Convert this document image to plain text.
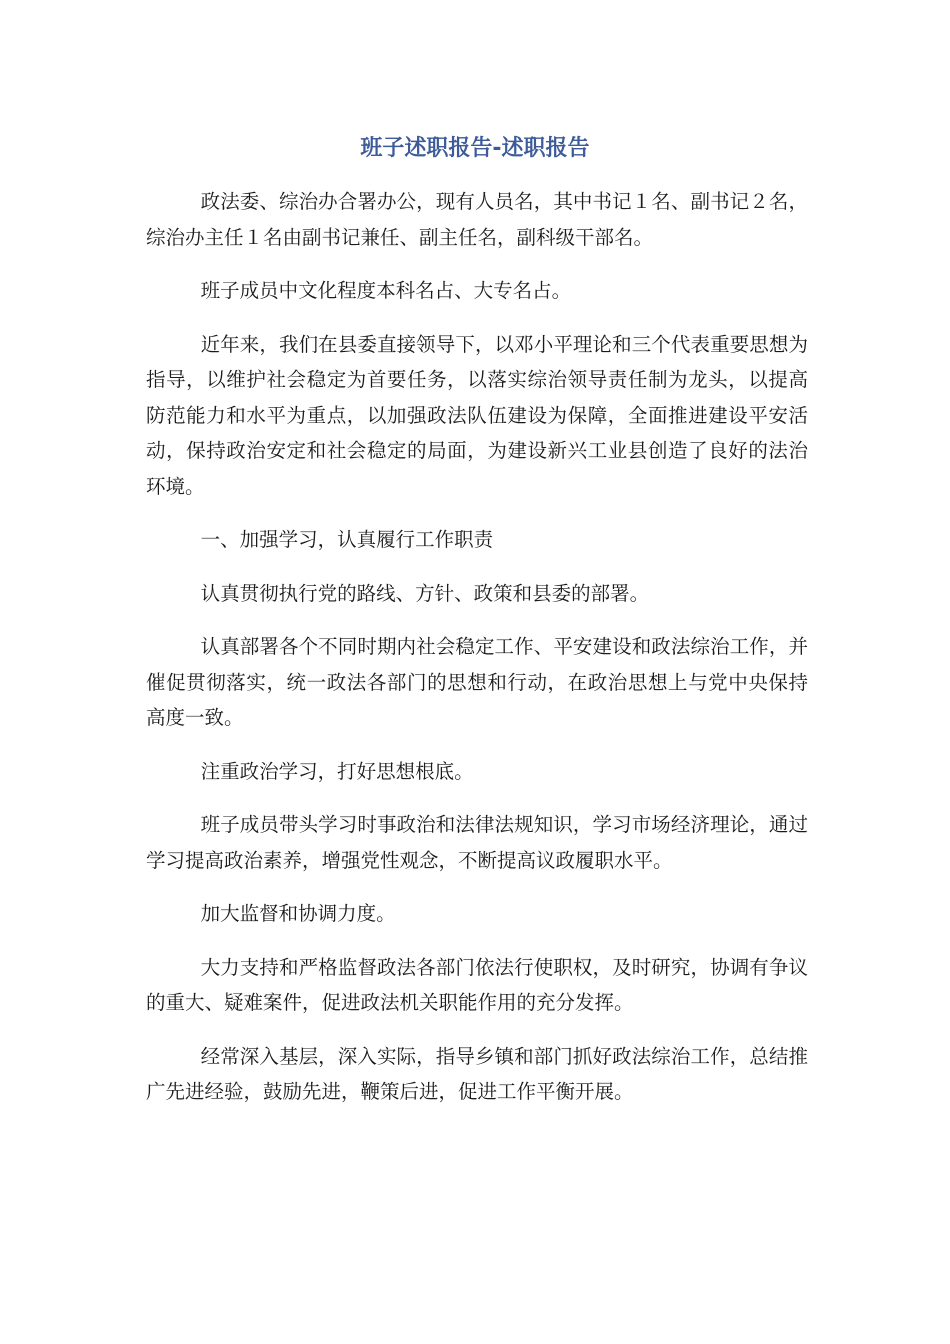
班子述职报告-述职报告

政法委、综治办合署办公，现有人员名，其中书记１名、副书记２名，综治办主任１名由副书记兼任、副主任名，副科级干部名。

班子成员中文化程度本科名占、大专名占。

近年来，我们在县委直接领导下，以邓小平理论和三个代表重要思想为指导，以维护社会稳定为首要任务，以落实综治领导责任制为龙头，以提高防范能力和水平为重点，以加强政法队伍建设为保障，全面推进建设平安活动，保持政治安定和社会稳定的局面，为建设新兴工业县创造了良好的法治环境。

一、加强学习，认真履行工作职责

认真贯彻执行党的路线、方针、政策和县委的部署。

认真部署各个不同时期内社会稳定工作、平安建设和政法综治工作，并催促贯彻落实，统一政法各部门的思想和行动，在政治思想上与党中央保持高度一致。

注重政治学习，打好思想根底。

班子成员带头学习时事政治和法律法规知识，学习市场经济理论，通过学习提高政治素养，增强党性观念，不断提高议政履职水平。

加大监督和协调力度。

大力支持和严格监督政法各部门依法行使职权，及时研究，协调有争议的重大、疑难案件，促进政法机关职能作用的充分发挥。

经常深入基层，深入实际，指导乡镇和部门抓好政法综治工作，总结推广先进经验，鼓励先进，鞭策后进，促进工作平衡开展。
